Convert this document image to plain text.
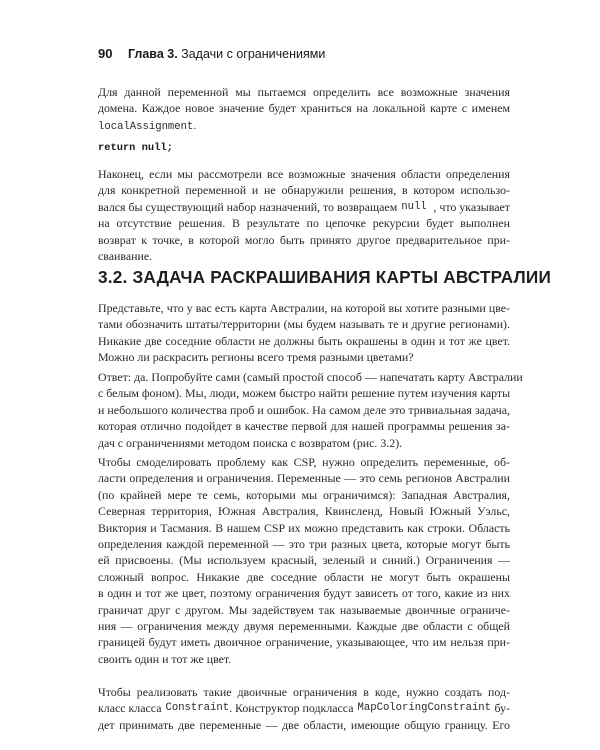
90 Глава 3. Задачи с ограничениями
Для данной переменной мы пытаемся определить все возможные значения
домена. Каждое новое значение будет храниться на локальной карте с именем
localAssignment.
return null;
Наконец, если мы рассмотрели все возможные значения области определения
для конкретной переменной и не обнаружили решения, в котором использо-
вался бы существующий набор назначений, то возвращаем null , что указывает
на отсутствие решения. В результате по цепочке рекурсии будет выполнен
возврат к точке, в которой могло быть принято другое предварительное при-
сваивание.
3.2. ЗАДАЧА РАСКРАШИВАНИЯ КАРТЫ АВСТРАЛИИ
Представьте, что у вас есть карта Австралии, на которой вы хотите разными цве-
тами обозначить штаты/территории (мы будем называть те и другие регионами).
Никакие две соседние области не должны быть окрашены в один и тот же цвет.
Можно ли раскрасить регионы всего тремя разными цветами?
Ответ: да. Попробуйте сами (самый простой способ — напечатать карту Австралии
с белым фоном). Мы, люди, можем быстро найти решение путем изучения карты
и небольшого количества проб и ошибок. На самом деле это тривиальная задача,
которая отлично подойдет в качестве первой для нашей программы решения за-
дач с ограничениями методом поиска с возвратом (рис. 3.2).
Чтобы смоделировать проблему как CSP, нужно определить переменные, об-
ласти определения и ограничения. Переменные — это семь регионов Австралии
(по крайней мере те семь, которыми мы ограничимся): Западная Австралия,
Северная территория, Южная Австралия, Квинсленд, Новый Южный Уэльс,
Виктория и Тасмания. В нашем CSP их можно представить как строки. Область
определения каждой переменной — это три разных цвета, которые могут быть
ей присвоены. (Мы используем красный, зеленый и синий.) Ограничения —
сложный вопрос. Никакие две соседние области не могут быть окрашены
в один и тот же цвет, поэтому ограничения будут зависеть от того, какие из них
граничат друг с другом. Мы задействуем так называемые двоичные ограниче-
ния — ограничения между двумя переменными. Каждые две области с общей
границей будут иметь двоичное ограничение, указывающее, что им нельзя при-
своить один и тот же цвет.
Чтобы реализовать такие двоичные ограничения в коде, нужно создать под-
класс класса Constraint . Конструктор подкласса MapColoringConstraint бу-
дет принимать две переменные — две области, имеющие общую границу. Его
